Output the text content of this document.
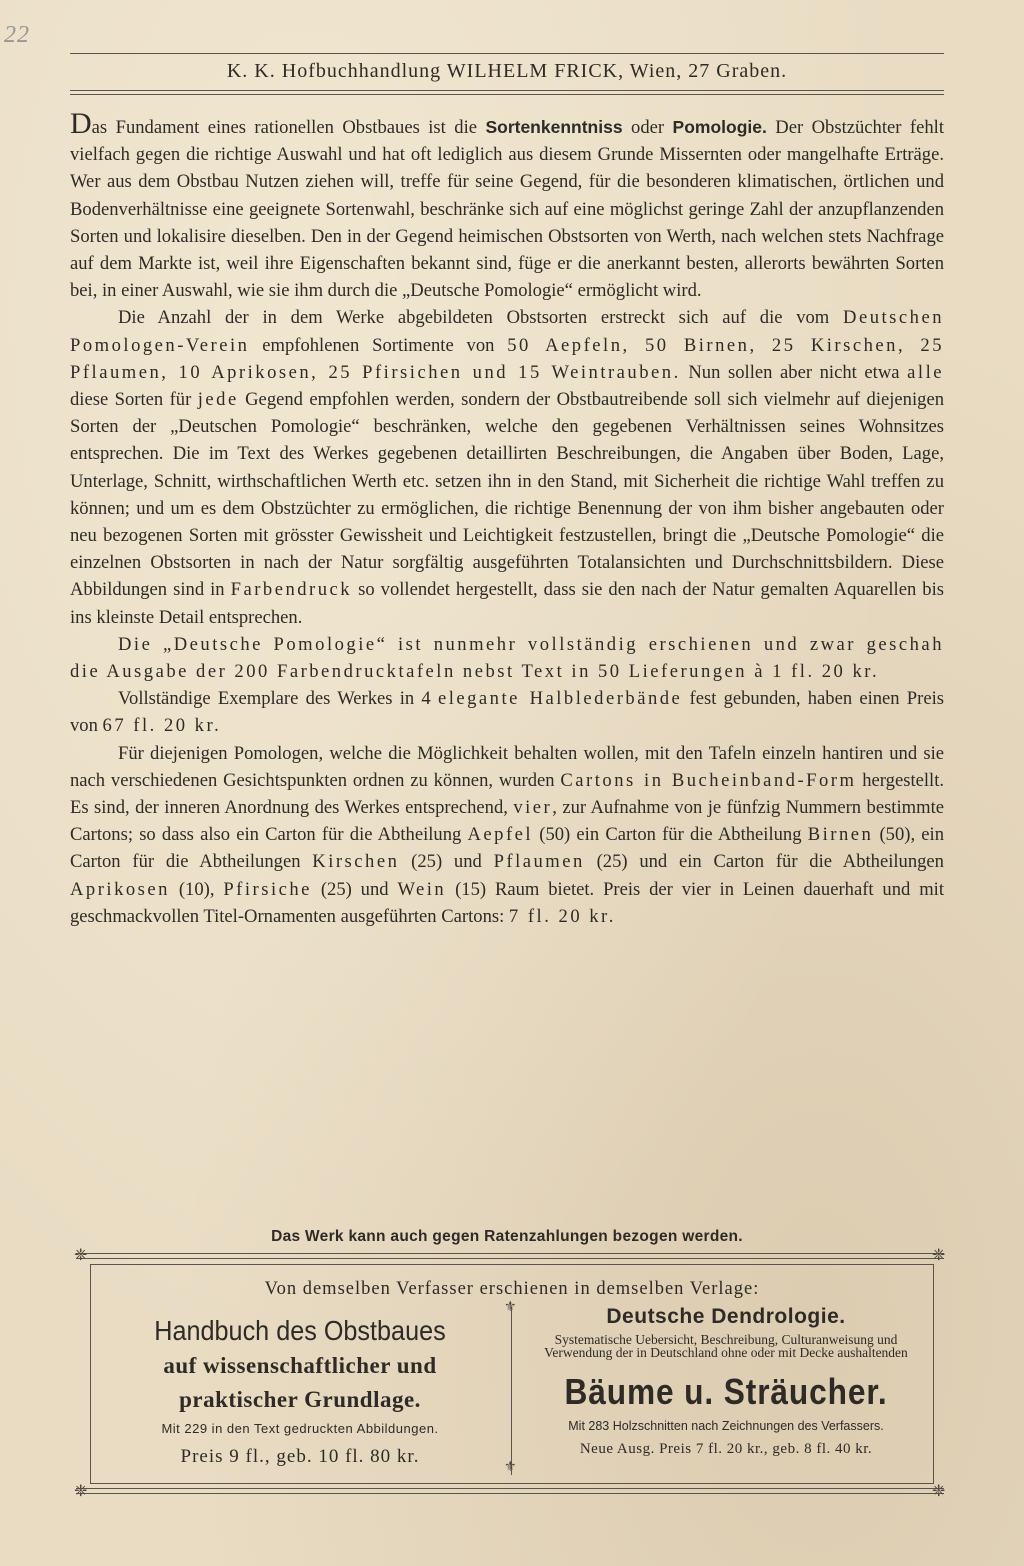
22
K. K. Hofbuchhandlung WILHELM FRICK, Wien, 27 Graben.

Das Fundament eines rationellen Obstbaues ist die Sortenkenntniss oder Pomologie. Der Obstzüchter fehlt vielfach gegen die richtige Auswahl und hat oft lediglich aus diesem Grunde Missernten oder mangelhafte Erträge. Wer aus dem Obstbau Nutzen ziehen will, treffe für seine Gegend, für die besonderen klimatischen, örtlichen und Bodenverhältnisse eine geeignete Sortenwahl, beschränke sich auf eine möglichst geringe Zahl der anzupflanzenden Sorten und lokalisire dieselben. Den in der Gegend heimischen Obstsorten von Werth, nach welchen stets Nachfrage auf dem Markte ist, weil ihre Eigenschaften bekannt sind, füge er die anerkannt besten, allerorts bewährten Sorten bei, in einer Auswahl, wie sie ihm durch die „Deutsche Pomologie“ ermöglicht wird.

Die Anzahl der in dem Werke abgebildeten Obstsorten erstreckt sich auf die vom Deutschen Pomologen-Verein empfohlenen Sortimente von 50 Aepfeln, 50 Birnen, 25 Kirschen, 25 Pflaumen, 10 Aprikosen, 25 Pfirsichen und 15 Weintrauben. Nun sollen aber nicht etwa alle diese Sorten für jede Gegend empfohlen werden, sondern der Obstbautreibende soll sich vielmehr auf diejenigen Sorten der „Deutschen Pomologie“ beschränken, welche den gegebenen Verhältnissen seines Wohnsitzes entsprechen. Die im Text des Werkes gegebenen detaillirten Beschreibungen, die Angaben über Boden, Lage, Unterlage, Schnitt, wirthschaftlichen Werth etc. setzen ihn in den Stand, mit Sicherheit die richtige Wahl treffen zu können; und um es dem Obstzüchter zu ermöglichen, die richtige Benennung der von ihm bisher angebauten oder neu bezogenen Sorten mit grösster Gewissheit und Leichtigkeit festzustellen, bringt die „Deutsche Pomologie“ die einzelnen Obstsorten in nach der Natur sorgfältig ausgeführten Totalansichten und Durchschnittsbildern. Diese Abbildungen sind in Farbendruck so vollendet hergestellt, dass sie den nach der Natur gemalten Aquarellen bis ins kleinste Detail entsprechen.

Die „Deutsche Pomologie“ ist nunmehr vollständig erschienen und zwar geschah die Ausgabe der 200 Farbendrucktafeln nebst Text in 50 Lieferungen à 1 fl. 20 kr.

Vollständige Exemplare des Werkes in 4 elegante Halblederbände fest gebunden, haben einen Preis von 67 fl. 20 kr.

Für diejenigen Pomologen, welche die Möglichkeit behalten wollen, mit den Tafeln einzeln hantiren und sie nach verschiedenen Gesichtspunkten ordnen zu können, wurden Cartons in Bucheinband-Form hergestellt. Es sind, der inneren Anordnung des Werkes entsprechend, vier, zur Aufnahme von je fünfzig Nummern bestimmte Cartons; so dass also ein Carton für die Abtheilung Aepfel (50) ein Carton für die Abtheilung Birnen (50), ein Carton für die Abtheilungen Kirschen (25) und Pflaumen (25) und ein Carton für die Abtheilungen Aprikosen (10), Pfirsiche (25) und Wein (15) Raum bietet. Preis der vier in Leinen dauerhaft und mit geschmackvollen Titel-Ornamenten ausgeführten Cartons: 7 fl. 20 kr.

Das Werk kann auch gegen Ratenzahlungen bezogen werden.
❈	❈
Von demselben Verfasser erschienen in demselben Verlage:
Handbuch des Obstbaues
auf wissenschaftlicher und
praktischer Grundlage.
Mit 229 in den Text gedruckten Abbildungen.
Preis 9 fl., geb. 10 fl. 80 kr.
⚜
⚜
Deutsche Dendrologie.
Systematische Uebersicht, Beschreibung, Culturanweisung und Verwendung der in Deutschland ohne oder mit Decke aushaltenden
Bäume u. Sträucher.
Mit 283 Holzschnitten nach Zeichnungen des Verfassers.
Neue Ausg. Preis 7 fl. 20 kr., geb. 8 fl. 40 kr.
❈	❈
